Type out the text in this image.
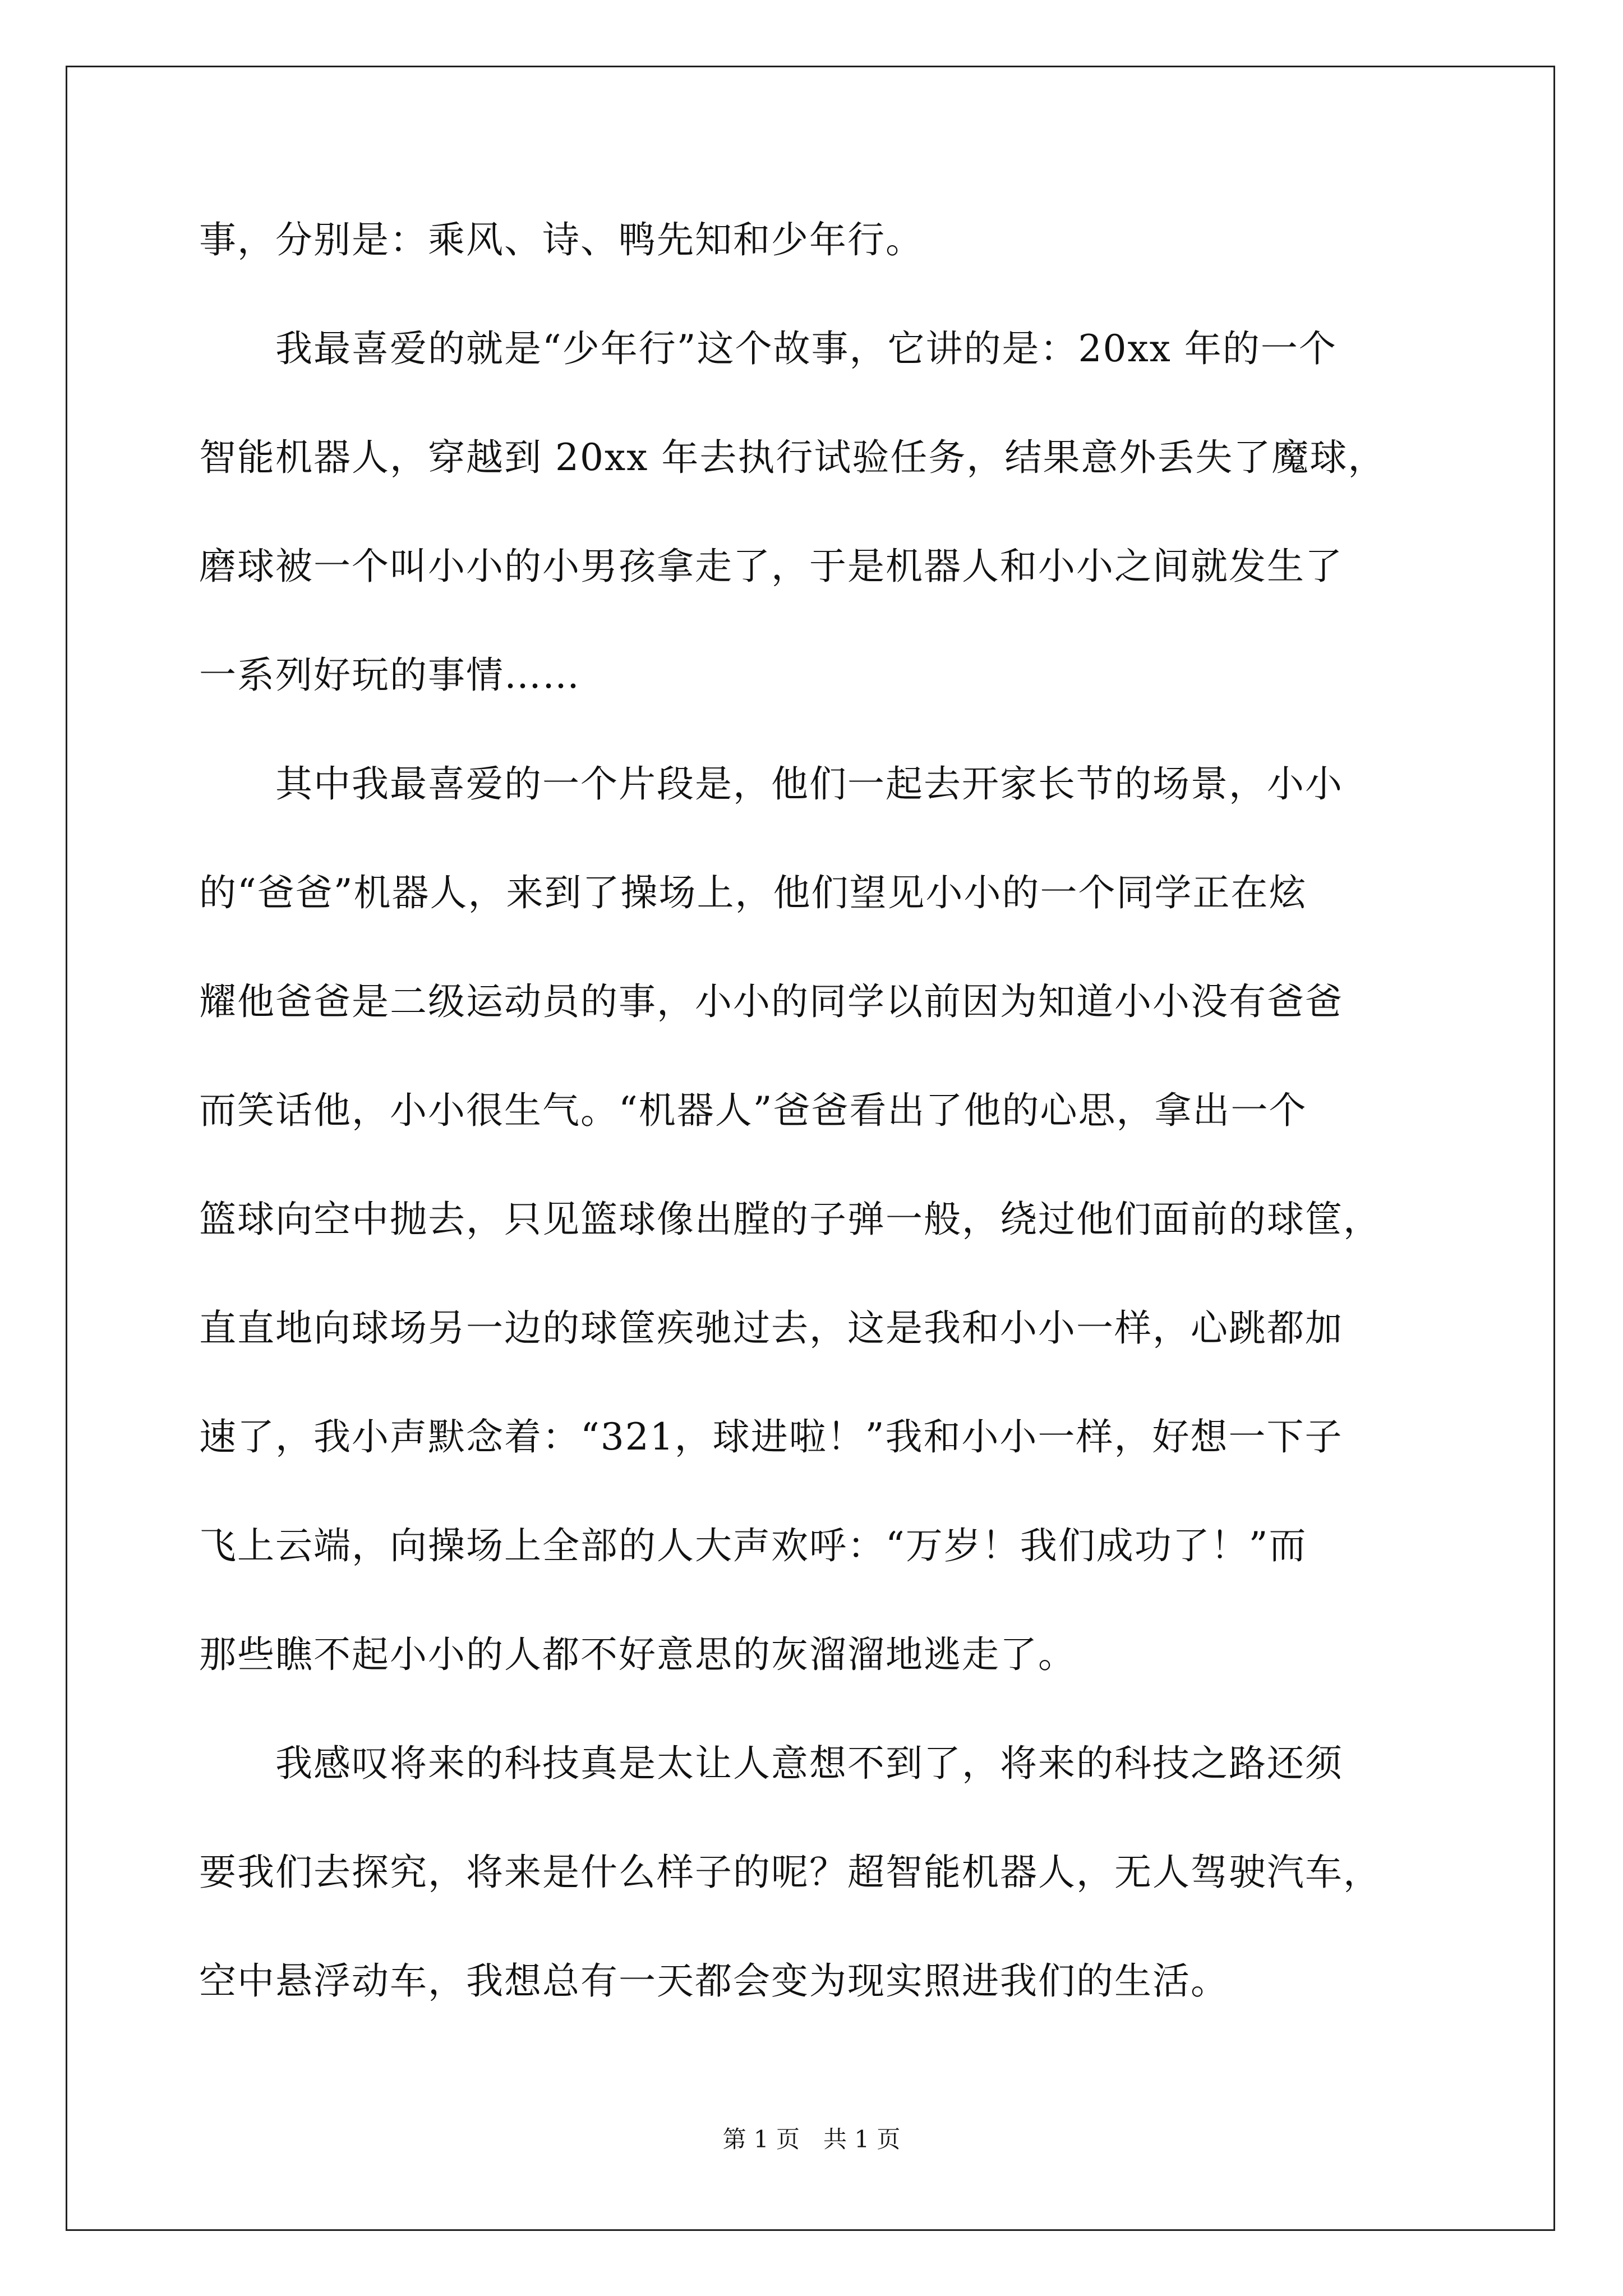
事，分别是：乘风、诗、鸭先知和少年行。
　　我最喜爱的就是“少年行”这个故事，它讲的是：20xx 年的一个
智能机器人，穿越到 20xx 年去执行试验任务，结果意外丢失了魔球，
磨球被一个叫小小的小男孩拿走了，于是机器人和小小之间就发生了
一系列好玩的事情……
　　其中我最喜爱的一个片段是，他们一起去开家长节的场景，小小
的“爸爸”机器人，来到了操场上，他们望见小小的一个同学正在炫
耀他爸爸是二级运动员的事，小小的同学以前因为知道小小没有爸爸
而笑话他，小小很生气。“机器人”爸爸看出了他的心思，拿出一个
篮球向空中抛去，只见篮球像出膛的子弹一般，绕过他们面前的球筐，
直直地向球场另一边的球筐疾驰过去，这是我和小小一样，心跳都加
速了，我小声默念着：“321，球进啦！”我和小小一样，好想一下子
飞上云端，向操场上全部的人大声欢呼：“万岁！我们成功了！”而
那些瞧不起小小的人都不好意思的灰溜溜地逃走了。
　　我感叹将来的科技真是太让人意想不到了，将来的科技之路还须
要我们去探究，将来是什么样子的呢？超智能机器人，无人驾驶汽车，
空中悬浮动车，我想总有一天都会变为现实照进我们的生活。
第 1 页　共 1 页
